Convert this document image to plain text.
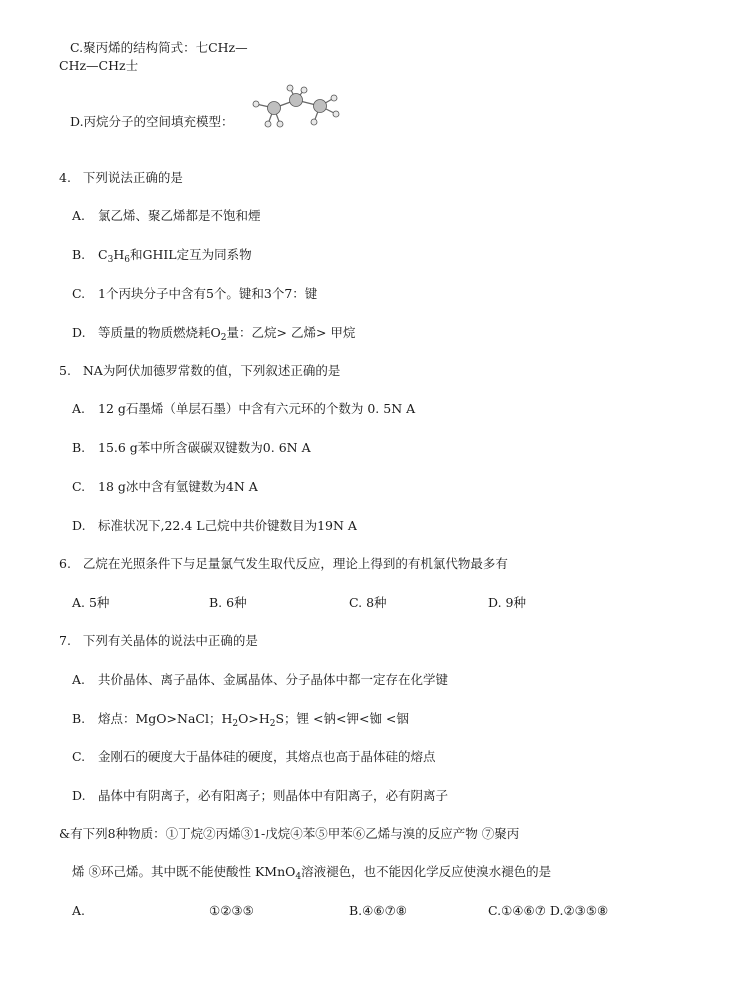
C.聚丙烯的结构简式：七CHz—
CHz—CHz士
D.丙烷分子的空间填充模型：
4. 下列说法正确的是
A. 氯乙烯、聚乙烯都是不饱和煙
B. $C_3H_6$和GHIL定互为同系物
C. 1个丙块分子中含有5个。键和3个7：键
D. 等质量的物质燃烧耗$O_2$量：乙烷> 乙烯> 甲烷
5. NA为阿伏加德罗常数的值，下列叙述正确的是
A. 12 g石墨烯（单层石墨）中含有六元环的个数为 0. 5N A
B. 15.6 g苯中所含碳碳双键数为0. 6N A
C. 18 g冰中含有氫键数为4N A
D. 标准状况下,22.4 L己烷中共价键数目为19N A
6. 乙烷在光照条件下与足量氯气发生取代反应，理论上得到的有机氯代物最多有
A. 5种	B. 6种	C. 8种	D. 9种
7. 下列有关晶体的说法中正确的是
A. 共价晶体、离子晶体、金属晶体、分子晶体中都一定存在化学键
B. 熔点：MgO>NaCl；$H_2O>H_2S$；锂 <钠<钾<铷 <铟
C. 金刚石的硬度大于晶体硅的硬度，其熔点也高于晶体硅的熔点
D. 晶体中有阴离子，必有阳离子；则晶体中有阳离子，必有阴离子
&有下列8种物质：①丁烷②丙烯③1-戊烷④苯⑤甲苯⑥乙烯与溴的反应产物 ⑦聚丙
烯 ⑧环己烯。其中既不能使酸性 KMnO$_4$溶液褪色，也不能因化学反应使溴水褪色的是
A.	①②③⑤	B.④⑥⑦⑧	C.①④⑥⑦ D.②③⑤⑧
